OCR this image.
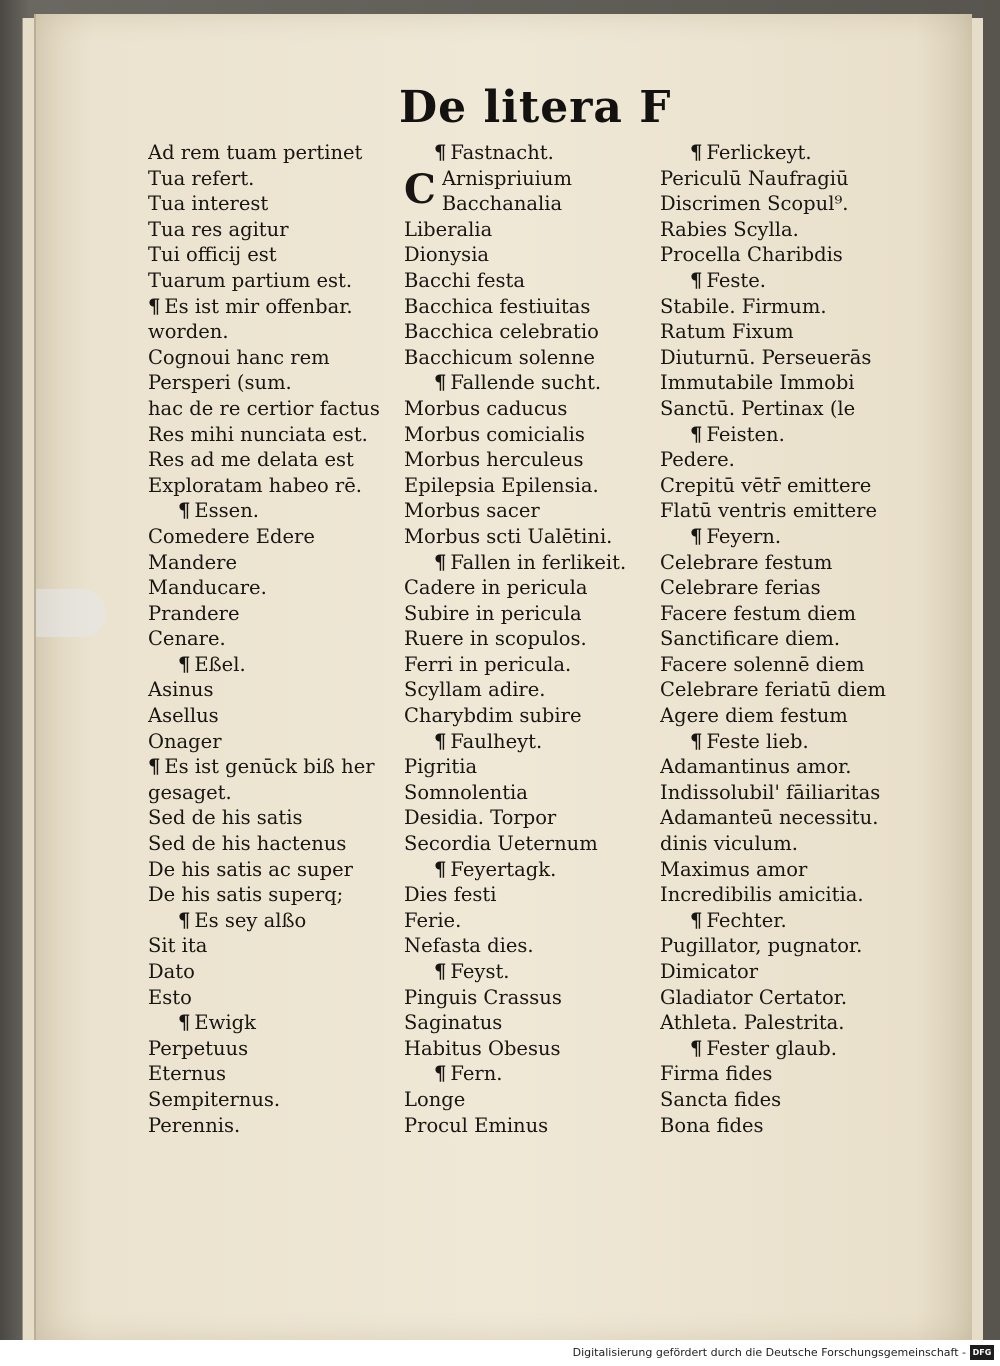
De litera F
Ad rem tuam pertinet
Tua refert.
Tua interest
Tua res agitur
Tui officij est
Tuarum partium est.
¶ Es ist mir offenbar.
worden.
Cognoui hanc rem
Persperi (sum.
hac de re certior factus
Res mihi nunciata est.
Res ad me delata est
Exploratam habeo rē.
¶ Essen.
Comedere Edere
Mandere
Manducare.
Prandere
Cenare.
¶ Eßel.
Asinus
Asellus
Onager
¶ Es ist genūck biß her
gesaget.
Sed de his satis
Sed de his hactenus
De his satis ac super
De his satis superq;
¶ Es sey alßo
Sit ita
Dato
Esto
¶ Ewigk
Perpetuus
Eternus
Sempiternus.
Perennis.
¶ Fastnacht.
C Arnispriuium
Bacchanalia
Liberalia
Dionysia
Bacchi festa
Bacchica festiuitas
Bacchica celebratio
Bacchicum solenne
¶ Fallende sucht.
Morbus caducus
Morbus comicialis
Morbus herculeus
Epilepsia Epilensia.
Morbus sacer
Morbus scti Ualētini.
¶ Fallen in ferlikeit.
Cadere in pericula
Subire in pericula
Ruere in scopulos.
Ferri in pericula.
Scyllam adire.
Charybdim subire
¶ Faulheyt.
Pigritia
Somnolentia
Desidia. Torpor
Secordia Ueternum
¶ Feyertagk.
Dies festi
Ferie.
Nefasta dies.
¶ Feyst.
Pinguis Crassus
Saginatus
Habitus Obesus
¶ Fern.
Longe
Procul Eminus
¶ Ferlickeyt.
Periculū Naufragiū
Discrimen Scopul⁹.
Rabies Scylla.
Procella Charibdis
¶ Feste.
Stabile. Firmum.
Ratum Fixum
Diuturnū. Perseuerās
Immutabile Immobi
Sanctū. Pertinax (le
¶ Feisten.
Pedere.
Crepitū vētr̄ emittere
Flatū ventris emittere
¶ Feyern.
Celebrare festum
Celebrare ferias
Facere festum diem
Sanctificare diem.
Facere solennē diem
Celebrare feriatū diem
Agere diem festum
¶ Feste lieb.
Adamantinus amor.
Indissolubil' fāiliaritas
Adamanteū necessitu.
dinis viculum.
Maximus amor
Incredibilis amicitia.
¶ Fechter.
Pugillator, pugnator.
Dimicator
Gladiator Certator.
Athleta. Palestrita.
¶ Fester glaub.
Firma fides
Sancta fides
Bona fides
Digitalisierung gefördert durch die Deutsche Forschungsgemeinschaft - DFG
